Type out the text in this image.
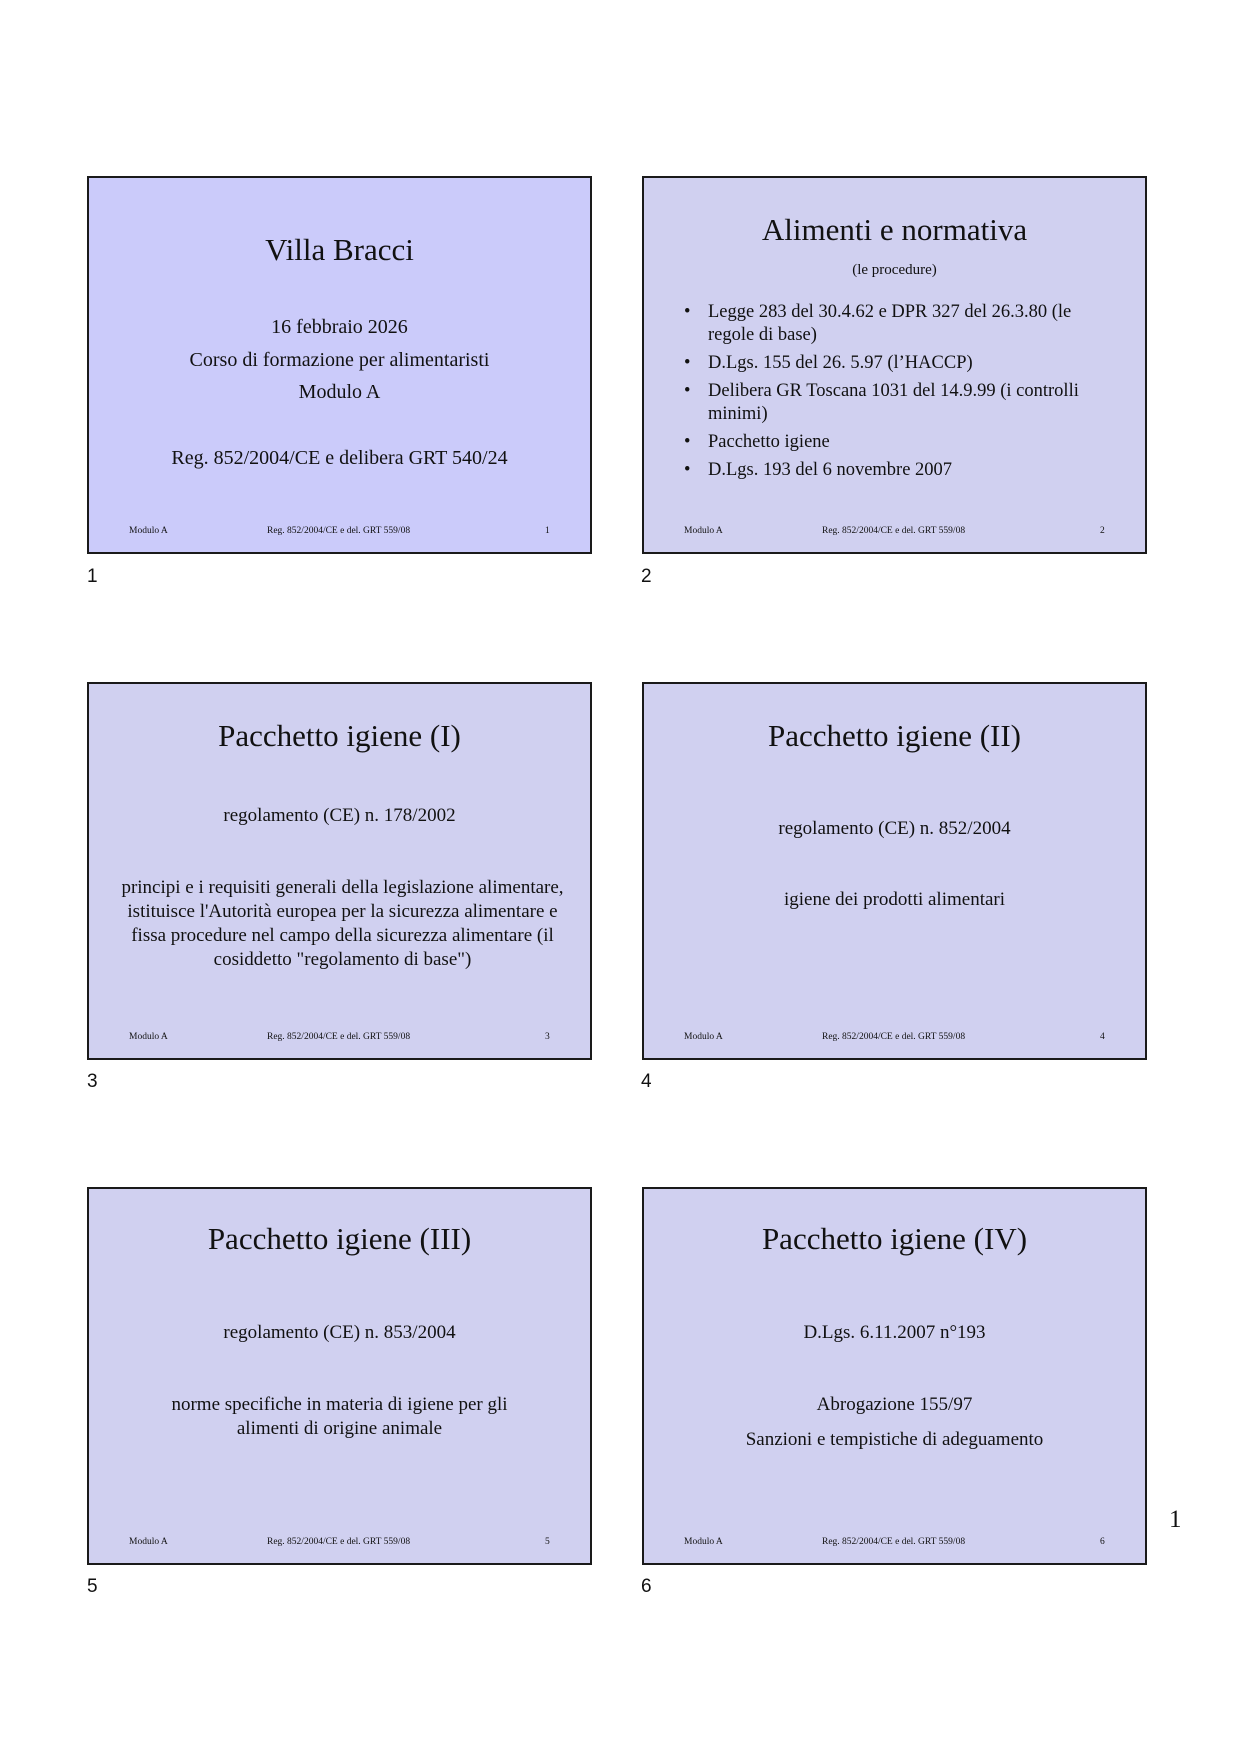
Villa Bracci
16 febbraio 2026
Corso di formazione per alimentaristi
Modulo A
Reg. 852/2004/CE e delibera GRT 540/24
Modulo A	Reg. 852/2004/CE e del. GRT 559/08	1
1
Alimenti e normativa
(le procedure)
• Legge 283 del 30.4.62 e DPR 327 del 26.3.80 (le regole di base)
• D.Lgs. 155 del 26. 5.97 (l’HACCP)
• Delibera GR Toscana 1031 del 14.9.99 (i controlli minimi)
• Pacchetto igiene
• D.Lgs. 193 del 6 novembre 2007
Modulo A	Reg. 852/2004/CE e del. GRT 559/08	2
2
Pacchetto igiene (I)
regolamento (CE) n. 178/2002
principi e i requisiti generali della legislazione alimentare, istituisce l'Autorità europea per la sicurezza alimentare e fissa procedure nel campo della sicurezza alimentare (il cosiddetto "regolamento di base")
Modulo A	Reg. 852/2004/CE e del. GRT 559/08	3
3
Pacchetto igiene (II)
regolamento (CE) n. 852/2004
igiene dei prodotti alimentari
Modulo A	Reg. 852/2004/CE e del. GRT 559/08	4
4
Pacchetto igiene (III)
regolamento (CE) n. 853/2004
norme specifiche in materia di igiene per gli alimenti di origine animale
Modulo A	Reg. 852/2004/CE e del. GRT 559/08	5
5
Pacchetto igiene (IV)
D.Lgs. 6.11.2007 n°193
Abrogazione 155/97
Sanzioni e tempistiche di adeguamento
Modulo A	Reg. 852/2004/CE e del. GRT 559/08	6
6
1
